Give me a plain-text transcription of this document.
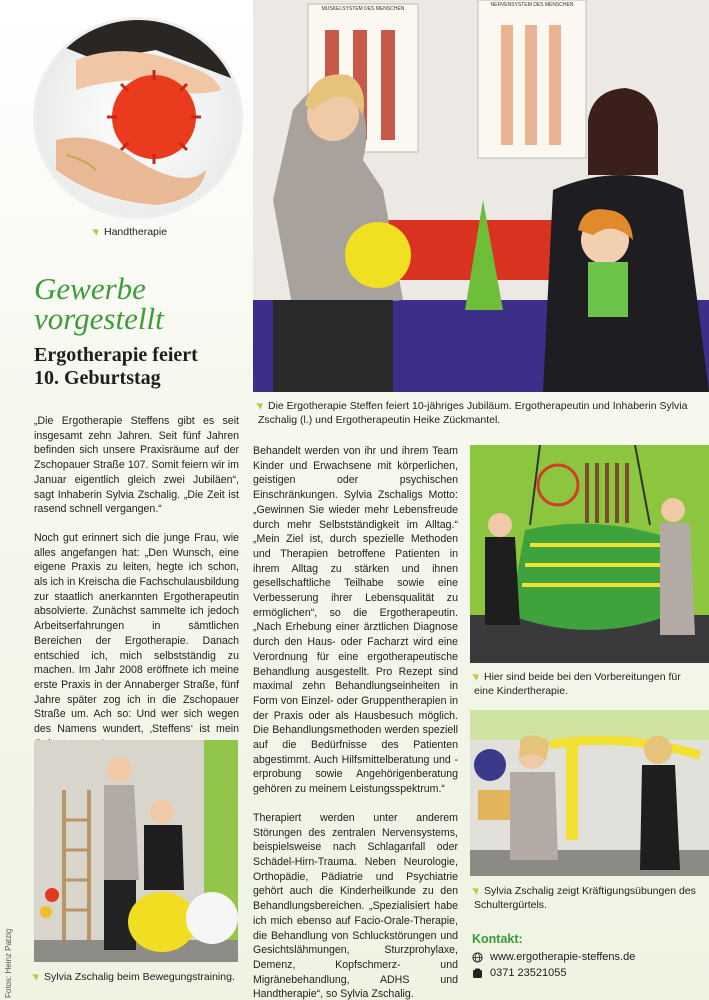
Handtherapie
MUSKELSYSTEM DES MENSCHEN
NERVENSYSTEM DES MENSCHEN
Die Ergotherapie Steffen feiert 10-jähriges Jubiläum. Ergotherapeutin und Inhaberin Sylvia Zschalig (l.) und Ergotherapeutin Heike Zückmantel.
Gewerbe vorgestellt
Ergotherapie feiert 10. Geburtstag

„Die Ergotherapie Steffens gibt es seit insgesamt zehn Jahren. Seit fünf Jahren befinden sich unsere Praxisräume auf der Zschopauer Straße 107. Somit feiern wir im Januar eigentlich gleich zwei Jubiläen“, sagt Inhaberin Sylvia Zschalig. „Die Zeit ist rasend schnell vergangen.“

Noch gut erinnert sich die junge Frau, wie alles angefangen hat: „Den Wunsch, eine eigene Praxis zu leiten, hegte ich schon, als ich in Kreischa die Fachschulausbildung zur staatlich anerkannten Ergotherapeutin absolvierte. Zunächst sammelte ich jedoch Arbeitserfahrungen in sämtlichen Bereichen der Ergotherapie. Danach entschied ich, mich selbstständig zu machen. Im Jahr 2008 eröffnete ich meine erste Praxis in der Annaberger Straße, fünf Jahre später zog ich in die Zschopauer Straße um. Ach so: Und wer sich wegen des Namens wundert, ‚Steffens‘ ist mein

Sylvia Zschalig beim Bewegungstraining.
Fotos: Heinz Patzig

Behandelt werden von ihr und ihrem Team Kinder und Erwachsene mit körperlichen, geistigen oder psychischen Einschränkungen. Sylvia Zschaligs Motto: „Gewinnen Sie wieder mehr Lebensfreude durch mehr Selbstständigkeit im Alltag.“ „Mein Ziel ist, durch spezielle Methoden und Therapien betroffene Patienten in ihrem Alltag zu stärken und ihnen gesellschaftliche Teilhabe sowie eine Verbesserung ihrer Lebensqualität zu ermöglichen“, so die Ergotherapeutin. „Nach Erhebung einer ärztlichen Diagnose durch den Haus- oder Facharzt wird eine Verordnung für eine ergotherapeutische Behandlung ausgestellt. Pro Rezept sind maximal zehn Behandlungseinheiten in Form von Einzel- oder Gruppentherapien in der Praxis oder als Hausbesuch möglich. Die Behandlungsmethoden werden speziell auf die Bedürfnisse des Patienten abgestimmt. Auch Hilfsmittelberatung und -erprobung sowie Angehörigenberatung gehören zu meinem Leistungsspektrum.“

Therapiert werden unter anderem Störungen des zentralen Nervensystems, beispielsweise nach Schlaganfall oder Schädel-Hirn-Trauma. Neben Neurologie, Orthopädie, Pädiatrie und Psychiatrie gehört auch die Kinderheilkunde zu den Behandlungsbereichen. „Spezialisiert habe ich mich ebenso auf Facio-Orale-Therapie, die Behandlung von Schluckstörungen und Gesichtslähmungen, Sturzprohylaxe, Demenz, Kopfschmerz- und Migränebehandlung, ADHS und Handtherapie“, so Sylvia Zschalig.

Hier sind beide bei den Vorbereitungen für eine Kindertherapie.
Sylvia Zschalig zeigt Kräftigungsübungen des Schultergürtels.
Kontakt:
www.ergotherapie-steffens.de
0371 23521055
